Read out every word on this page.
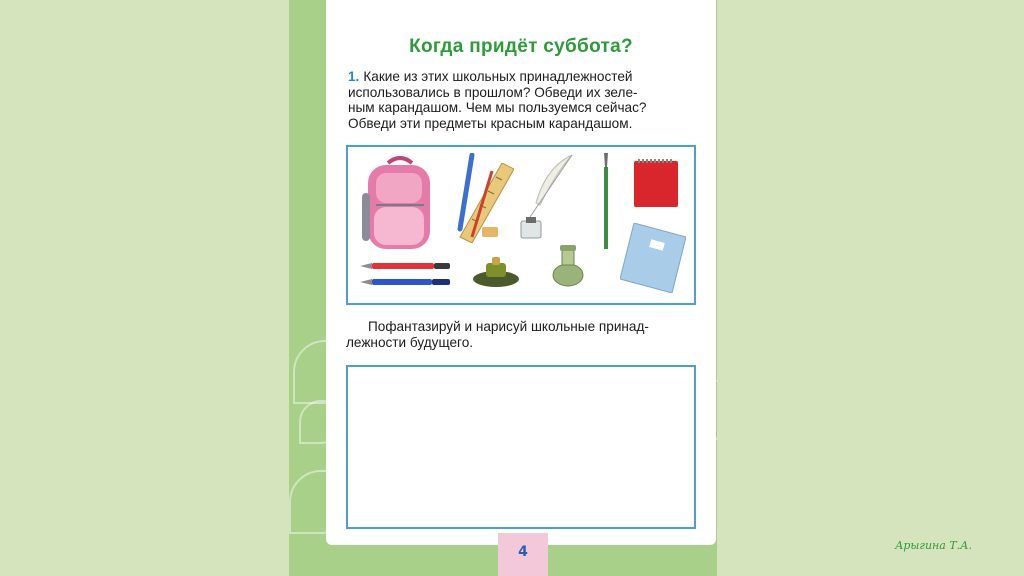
Когда придёт суббота?
1. Какие из этих школьных принадлежностей
использовались в прошлом? Обведи их зеле-
ным карандашом. Чем мы пользуемся сейчас?
Обведи эти предметы красным карандашом.
Пофантазируй и нарисуй школьные принад-
лежности будущего.
4	Арыгина Т.А.
